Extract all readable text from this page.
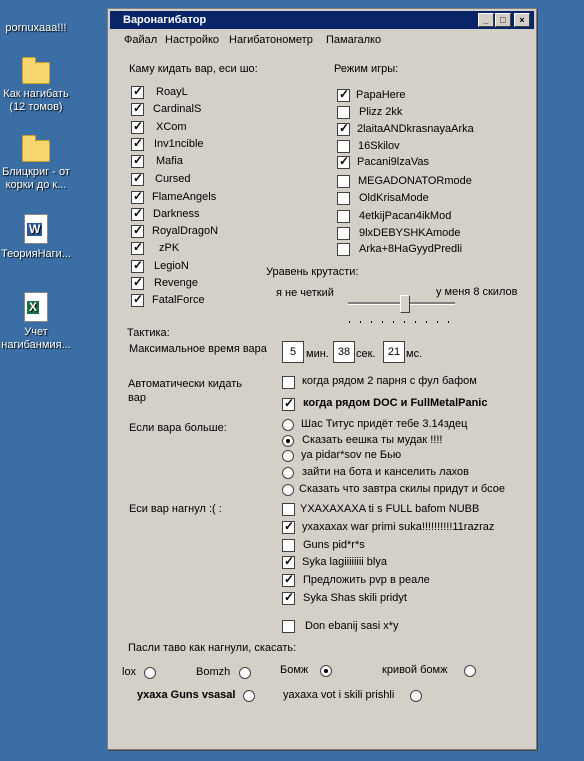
pornuxaaa!!!
Как нагибать (12 томов)
Блицкриг - от корки до к...
W
ТеорияНаги...
X
Учет нагибанмия...
Варонагибатор	_	□	×
Файал Настройко Нагибатонометр Памагалко
Каму кидать вар, еси шо:
✓
RoayL
✓
CardinalS
✓
XCom
✓
Inv1ncible
✓
Mafia
✓
Cursed
✓
FlameAngels
✓
Darkness
✓
RoyalDragoN
✓
zPK
✓
LegioN
✓
Revenge
✓
FatalForce
Режим игры:
✓
PapaHere
Plizz 2kk
✓
2laitaANDkrasnayaArka
16Skilov
✓
Pacani9lzaVas
MEGADONATORmode
OldKrisaMode
4etkijPacan4ikMod
9lxDEBYSHKAmode
Arka+8HaGyydPredli
Уравень крутасти:
я не четкий	у меня 8 скилов
Тактика:
Максимальное время вара	5 мин. 38 сек.	21 мс.
Автоматически кидать вар
когда рядом 2 парня с фул бафом
✓
когда рядом DOC и FullMetalPanic
Если вара больше:	Шас Титус придёт тебе 3.14здец
Сказать еешка ты мудак !!!!
ya pidar*sov ne Бью
зайти на бота и канселить лахов
Сказать что завтра скилы придут и бсое
Еси вар нагнул :( :	YXAXAXAXA ti s FULL bafom NUBB
✓
yxaxaxax war primi suka!!!!!!!!!!11razraz
Guns pid*r*s
✓
Syka lagiiiiiiii blya
✓
Предложить pvp в реале
✓
Syka Shas skili pridyt
Don ebanij sasi x*y
Пасли таво как нагнули, скасать:
lox	Bomzh	Бомж	кривой бомж
yxaxa Guns vsasal	yaxaxa vot i skili prishli
